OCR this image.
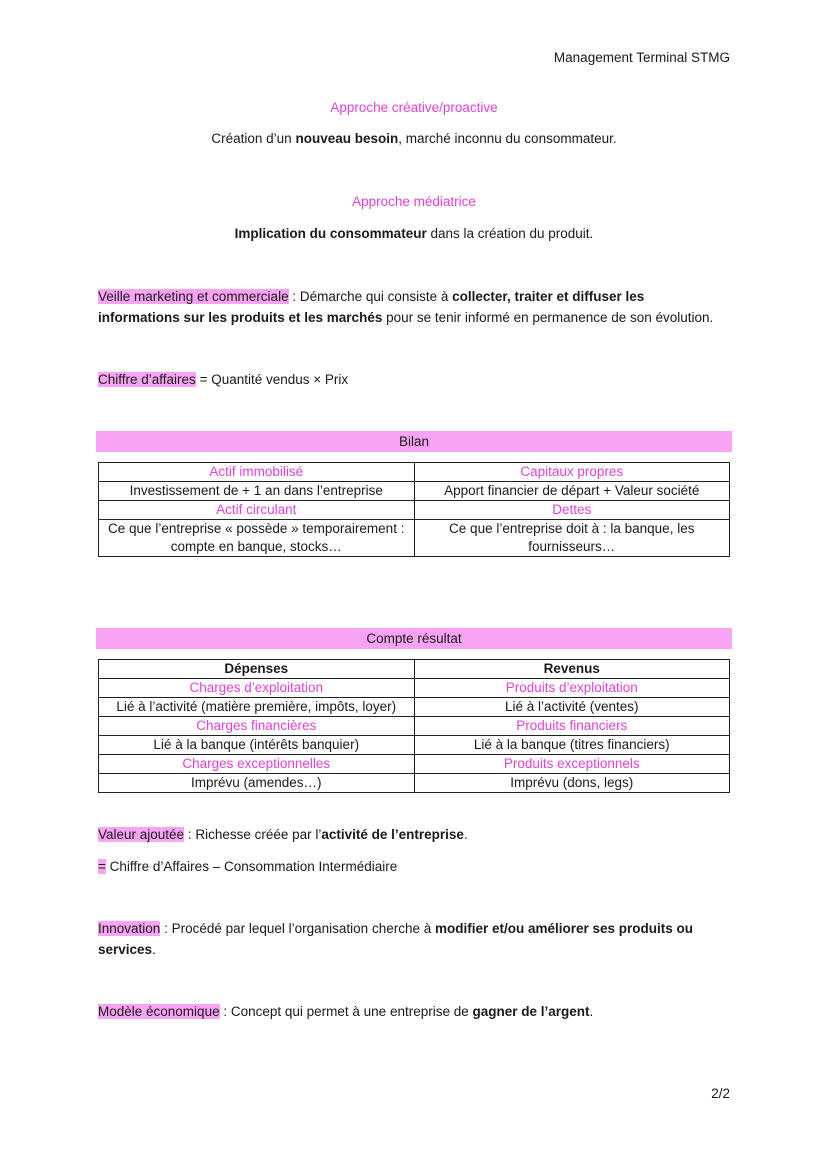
Management Terminal STMG
Approche créative/proactive
Création d’un nouveau besoin, marché inconnu du consommateur.
Approche médiatrice
Implication du consommateur dans la création du produit.
Veille marketing et commerciale : Démarche qui consiste à collecter, traiter et diffuser les
informations sur les produits et les marchés pour se tenir informé en permanence de son évolution.
Chiffre d’affaires = Quantité vendus × Prix
Bilan
Actif immobilisé	Capitaux propres
Investissement de + 1 an dans l’entreprise	Apport financier de départ + Valeur société
Actif circulant	Dettes
Ce que l’entreprise « possède » temporairement : compte en banque, stocks…	Ce que l’entreprise doit à : la banque, les fournisseurs…
Compte résultat
Dépenses	Revenus
Charges d’exploitation	Produits d’exploitation
Lié à l’activité (matière première, impôts, loyer)	Lié à l’activité (ventes)
Charges financières	Produits financiers
Lié à la banque (intérêts banquier)	Lié à la banque (titres financiers)
Charges exceptionnelles	Produits exceptionnels
Imprévu (amendes…)	Imprévu (dons, legs)
Valeur ajoutée : Richesse créée par l’activité de l’entreprise.
= Chiffre d’Affaires – Consommation Intermédiaire
Innovation : Procédé par lequel l’organisation cherche à modifier et/ou améliorer ses produits ou
services.
Modèle économique : Concept qui permet à une entreprise de gagner de l’argent.
2/2
